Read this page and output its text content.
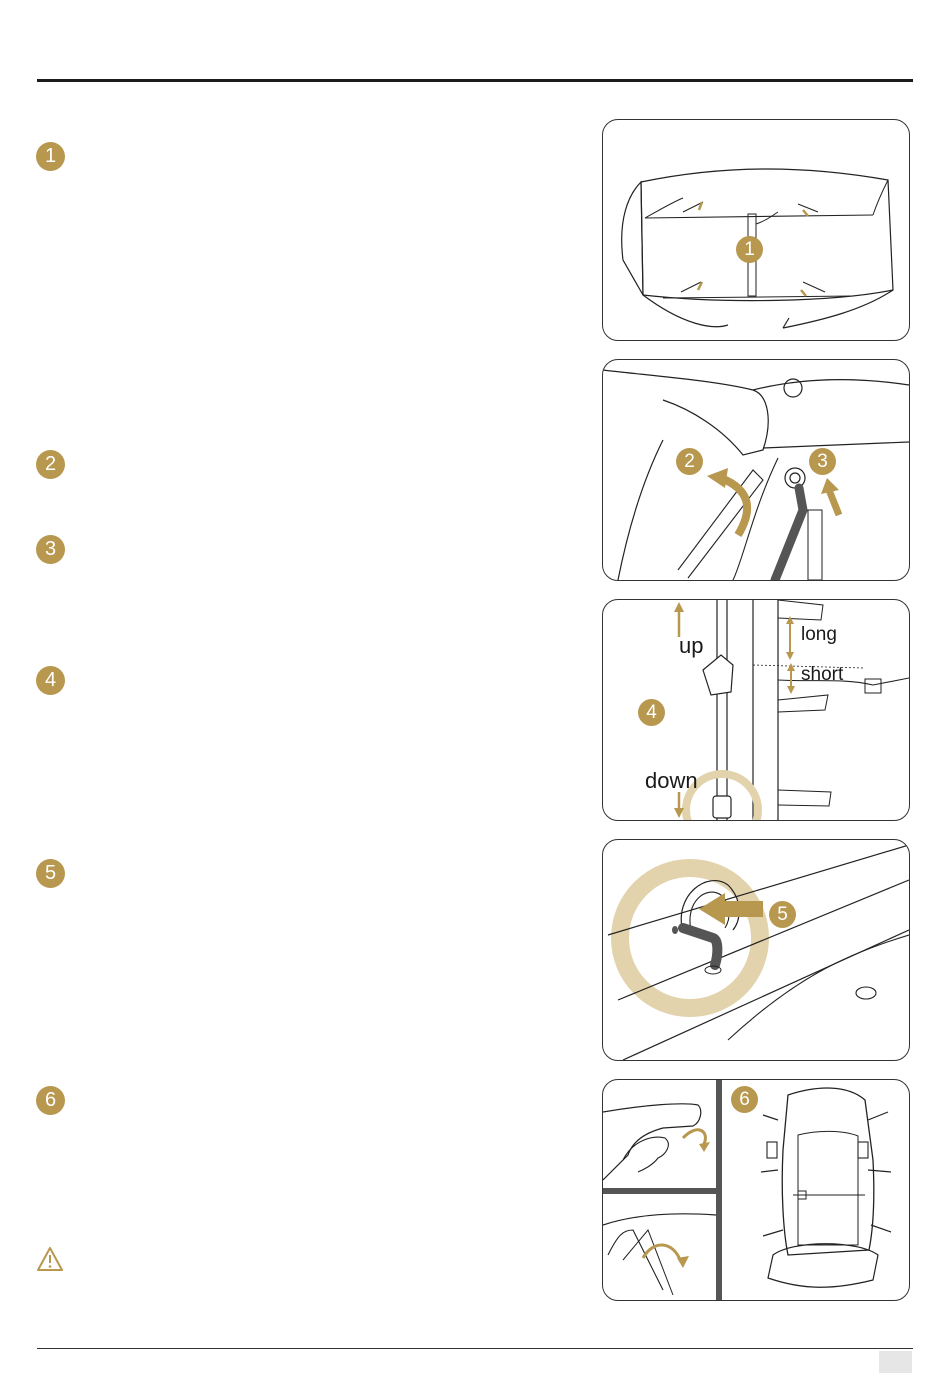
1
2
3
4
5
6
1
2	3
up
down
long
short
4
5
6
